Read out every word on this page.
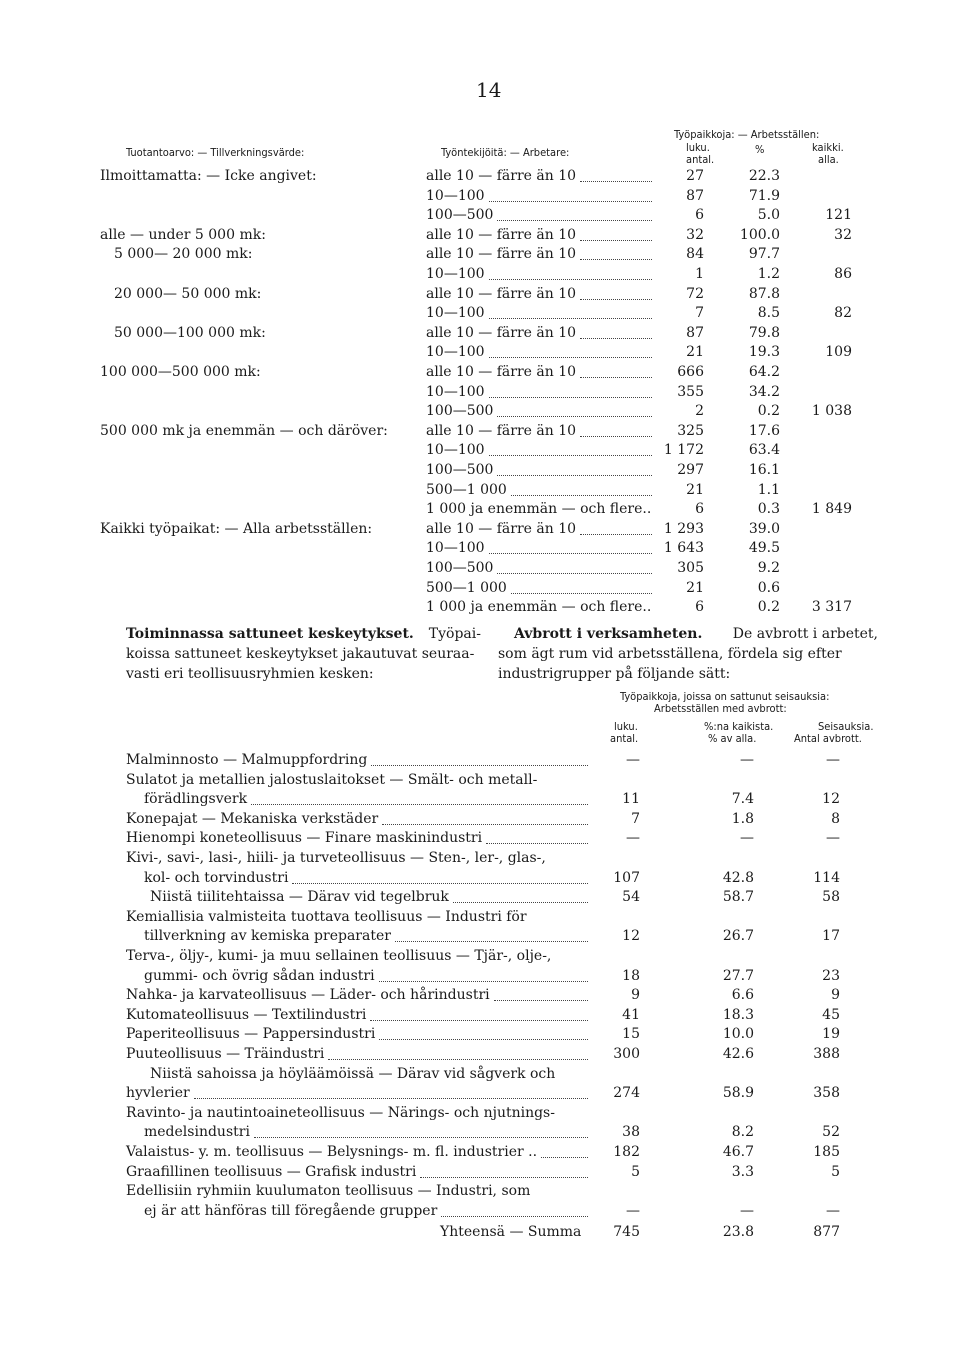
14
Tuotantoarvo: — Tillverkningsvärde:	Työntekijöitä: — Arbetare:
Työpaikkoja: — Arbetsställen:
luku.
antal.
%	kaikki.
alla.
Ilmoittamatta: — Icke angivet:	alle 10 — färre än 10	27	22.3
10—100	87	71.9
100—500	6	5.0	121
alle — under 5 000 mk:	alle 10 — färre än 10	32	100.0	32
5 000— 20 000 mk:	alle 10 — färre än 10	84	97.7
10—100	1	1.2	86
20 000— 50 000 mk:	alle 10 — färre än 10	72	87.8
10—100	7	8.5	82
50 000—100 000 mk:	alle 10 — färre än 10	87	79.8
10—100	21	19.3	109
100 000—500 000 mk:	alle 10 — färre än 10	666	64.2
10—100	355	34.2
100—500	2	0.2	1 038
500 000 mk ja enemmän — och däröver:	alle 10 — färre än 10	325	17.6
10—100	1 172	63.4
100—500	297	16.1
500—1 000	21	1.1
1 000 ja enemmän — och flere..	6	0.3	1 849
Kaikki työpaikat: — Alla arbetsställen:	alle 10 — färre än 10	1 293	39.0
10—100	1 643	49.5
100—500	305	9.2
500—1 000	21	0.6
1 000 ja enemmän — och flere..	6	0.2	3 317
Toiminnassa sattuneet keskeytykset. Työpai-
koissa sattuneet keskeytykset jakautuvat seuraa-
vasti eri teollisuusryhmien kesken:
Avbrott i verksamheten. De avbrott i arbetet,
som ägt rum vid arbetsställena, fördela sig efter
industrigrupper på följande sätt:
Työpaikkoja, joissa on sattunut seisauksia:
Arbetsställen med avbrott:
luku.
antal.
%:na kaikista.
% av alla.
Seisauksia.
Antal avbrott.
Malminnosto — Malmuppfordring	—	—	—
Sulatot ja metallien jalostuslaitokset — Smält- och metall-
förädlingsverk	11	7.4	12
Konepajat — Mekaniska verkstäder	7	1.8	8
Hienompi koneteollisuus — Finare maskinindustri	—	—	—
Kivi-, savi-, lasi-, hiili- ja turveteollisuus — Sten-, ler-, glas-,
kol- och torvindustri	107	42.8	114
Niistä tiilitehtaissa — Därav vid tegelbruk	54	58.7	58
Kemiallisia valmisteita tuottava teollisuus — Industri för
tillverkning av kemiska preparater	12	26.7	17
Terva-, öljy-, kumi- ja muu sellainen teollisuus — Tjär-, olje-,
gummi- och övrig sådan industri	18	27.7	23
Nahka- ja karvateollisuus — Läder- och hårindustri	9	6.6	9
Kutomateollisuus — Textilindustri	41	18.3	45
Paperiteollisuus — Pappersindustri	15	10.0	19
Puuteollisuus — Träindustri	300	42.6	388
Niistä sahoissa ja höyläämöissä — Därav vid sågverk och
hyvlerier	274	58.9	358
Ravinto- ja nautintoaineteollisuus — Närings- och njutnings-
medelsindustri	38	8.2	52
Valaistus- y. m. teollisuus — Belysnings- m. fl. industrier ..	182	46.7	185
Graafillinen teollisuus — Grafisk industri	5	3.3	5
Edellisiin ryhmiin kuulumaton teollisuus — Industri, som
ej är att hänföras till föregående grupper	—	—	—
Yhteensä — Summa	745	23.8	877
